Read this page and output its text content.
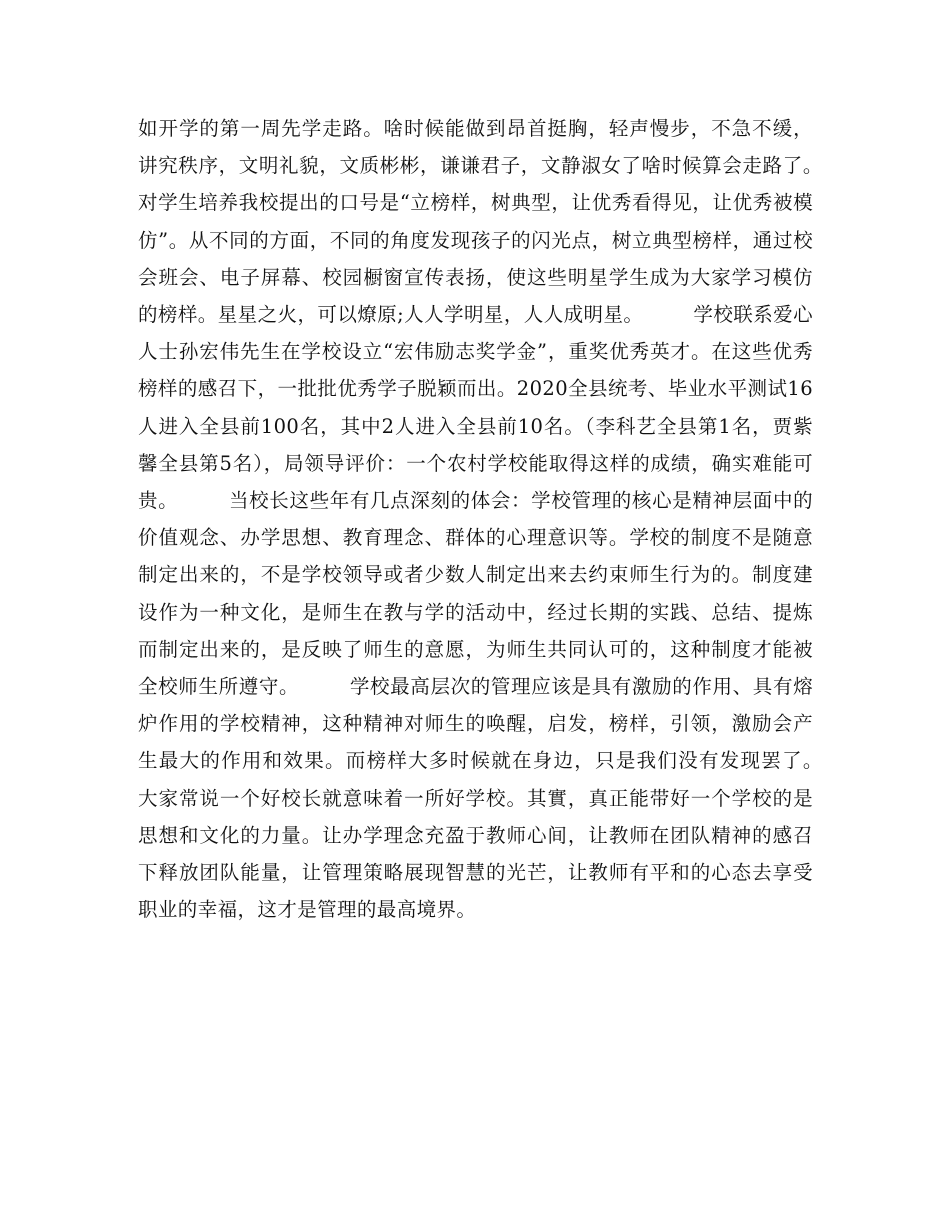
如开学的第一周先学走路。啥时候能做到昂首挺胸，轻声慢步，不急不缓，讲究秩序，文明礼貌，文质彬彬，谦谦君子，文静淑女了啥时候算会走路了。　　　对学生培养我校提出的口号是“立榜样，树典型，让优秀看得见，让优秀被模仿”。从不同的方面，不同的角度发现孩子的闪光点，树立典型榜样，通过校会班会、电子屏幕、校园橱窗宣传表扬，使这些明星学生成为大家学习模仿的榜样。星星之火，可以燎原;人人学明星，人人成明星。　　　学校联系爱心人士孙宏伟先生在学校设立“宏伟励志奖学金”，重奖优秀英才。在这些优秀榜样的感召下，一批批优秀学子脱颖而出。2020全县统考、毕业水平测试16人进入全县前100名，其中2人进入全县前10名。（李科艺全县第1名，贾紫馨全县第5名），局领导评价：一个农村学校能取得这样的成绩，确实难能可贵。　　　当校长这些年有几点深刻的体会：学校管理的核心是精神层面中的价值观念、办学思想、教育理念、群体的心理意识等。学校的制度不是随意制定出来的，不是学校领导或者少数人制定出来去约束师生行为的。制度建设作为一种文化，是师生在教与学的活动中，经过长期的实践、总结、提炼而制定出来的，是反映了师生的意愿，为师生共同认可的，这种制度才能被全校师生所遵守。　　　学校最高层次的管理应该是具有激励的作用、具有熔炉作用的学校精神，这种精神对师生的唤醒，启发，榜样，引领，激励会产生最大的作用和效果。而榜样大多时候就在身边，只是我们没有发现罢了。　　　大家常说一个好校长就意味着一所好学校。其實，真正能带好一个学校的是思想和文化的力量。让办学理念充盈于教师心间，让教师在团队精神的感召下释放团队能量，让管理策略展现智慧的光芒，让教师有平和的心态去享受职业的幸福，这才是管理的最高境界。
